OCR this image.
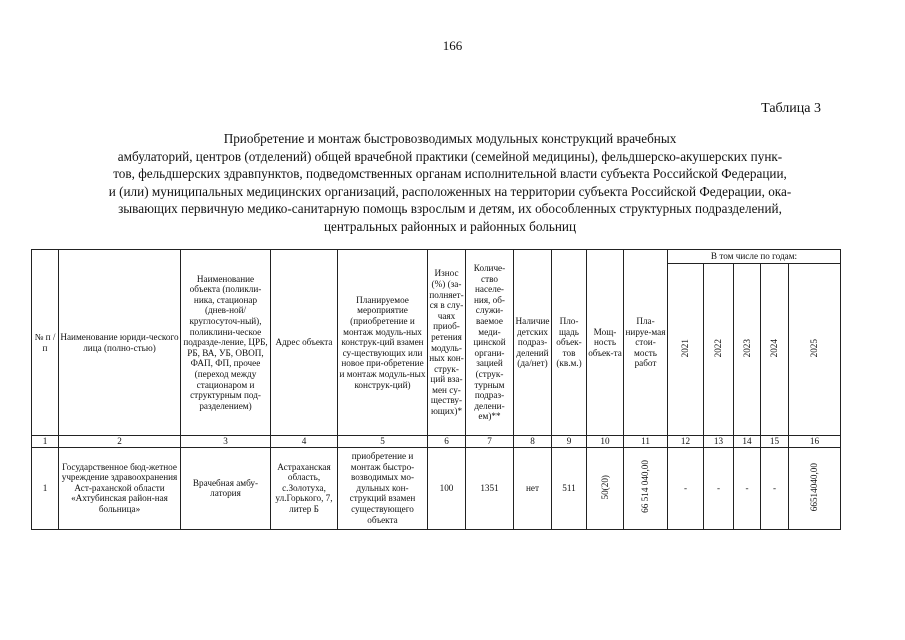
166
Таблица 3
Приобретение и монтаж быстровозводимых модульных конструкций врачебных
амбулаторий, центров (отделений) общей врачебной практики (семейной медицины), фельдшерско-акушерских пунк-
тов, фельдшерских здравпунктов, подведомственных органам исполнительной власти субъекта Российской Федерации,
и (или) муниципальных медицинских организаций, расположенных на территории субъекта Российской Федерации, ока-
зывающих первичную медико-санитарную помощь взрослым и детям, их обособленных структурных подразделений,
центральных районных и районных больниц
№ п /п	Наименование юриди-ческого лица (полно-стью)	Наименование объекта (поликли-ника, стационар (днев-ной/круглосуточ-ный), поликлини-ческое подразде-ление, ЦРБ, РБ, ВА, УБ, ОВОП, ФАП, ФП, прочее (переход между стационаром и структурным под-разделением)	Адрес объекта	Планируемое мероприятие (приобретение и монтаж модуль-ных конструк-ций взамен су-ществующих или новое при-обретение и монтаж модуль-ных конструк-ций)	Износ (%) (за-полняет-ся в слу-чаях приоб-ретения модуль-ных кон-струк-ций вза-мен су-ществу-ющих)*	Количе-ство населе-ния, об-служи-ваемое меди-цинской органи-зацией (струк-турным подраз-делени-ем)**	Наличие детских подраз-делений (да/нет)	Пло-щадь объек-тов (кв.м.)	Мощ-ность объек-та	Пла-нируе-мая стои-мость работ	В том числе по годам:				
											2021	2022	2023	2024	2025
1	2	3	4	5	6	7	8	9	10	11	12	13	14	15	16
1	Государственное бюд-жетное учреждение здравоохранения Аст-раханской области «Ахтубинская район-ная больница»	Врачебная амбу-латория	Астраханская область, с.Золотуха, ул.Горького, 7, литер Б	приобретение и монтаж быстро-возводимых мо-дульных кон-струкций взамен существующего объекта	100	1351	нет	511	50(20)	66 514 040,00	-	-	-	-	66514040,00
